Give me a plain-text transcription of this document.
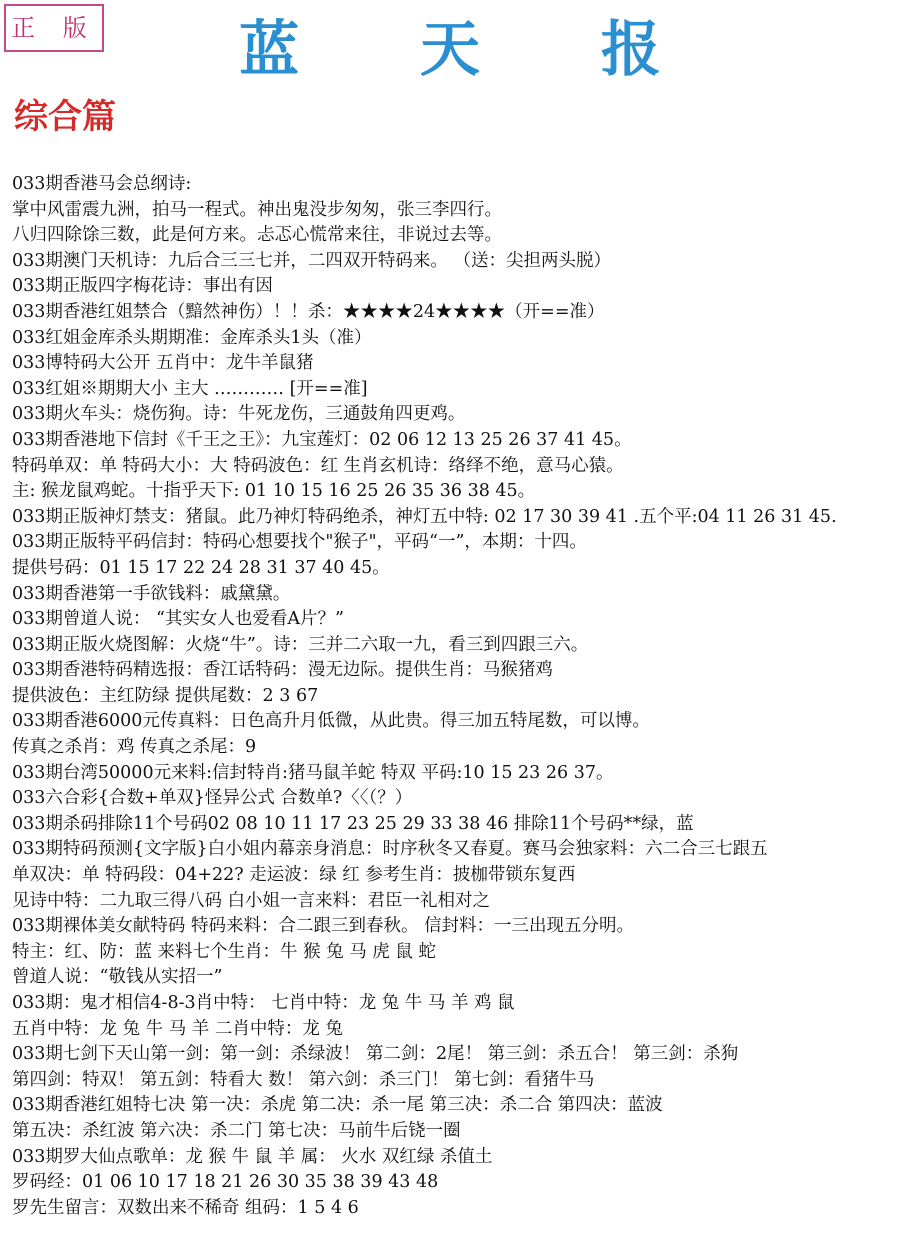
正 版	蓝 天 报
综合篇
033期香港马会总纲诗:
掌中风雷震九洲，拍马一程式。神出鬼没步匆匆，张三李四行。
八归四除馀三数，此是何方来。忐忑心慌常来往，非说过去等。
033期澳门天机诗：九后合三三七并，二四双开特码来。 （送：尖担两头脱）
033期正版四字梅花诗：事出有因
033期香港红姐禁合（黯然神伤）！！杀：★★★★24★★★★（开==准）
033红姐金库杀头期期准：金库杀头1头（准）
033博特码大公开 五肖中：龙牛羊鼠猪
033红姐※期期大小 主大 ………… [开==准]
033期火车头：烧伤狗。诗：牛死龙伤，三通鼓角四更鸡。
033期香港地下信封《千王之王》：九宝莲灯：02 06 12 13 25 26 37 41 45。
特码单双：单 特码大小：大 特码波色：红 生肖玄机诗：络绎不绝，意马心猿。
主: 猴龙鼠鸡蛇。十指乎天下: 01 10 15 16 25 26 35 36 38 45。
033期正版神灯禁支：猪鼠。此乃神灯特码绝杀，神灯五中特: 02 17 30 39 41 .五个平:04 11 26 31 45.
033期正版特平码信封：特码心想要找个"猴子"，平码“一”，本期：十四。
提供号码：01 15 17 22 24 28 31 37 40 45。
033期香港第一手欲钱料：戚黛黛。
033期曾道人说： “其实女人也爱看A片？”
033期正版火烧图解：火烧“牛”。诗：三并二六取一九，看三到四跟三六。
033期香港特码精选报：香江话特码：漫无边际。提供生肖：马猴猪鸡
提供波色：主红防绿 提供尾数：2 3 67
033期香港6000元传真料：日色高升月低微，从此贵。得三加五特尾数，可以博。
传真之杀肖：鸡 传真之杀尾：9
033期台湾50000元来料:信封特肖:猪马鼠羊蛇 特双 平码:10 15 23 26 37。
033六合彩{合数+单双}怪异公式 合数单?〈〈（？）
033期杀码排除11个号码02 08 10 11 17 23 25 29 33 38 46 排除11个号码**绿，蓝
033期特码预测{文字版}白小姐内幕亲身消息：时序秋冬又春夏。赛马会独家料：六二合三七跟五
单双决：单 特码段：04+22? 走运波：绿 红 参考生肖：披枷带锁东复西
见诗中特：二九取三得八码 白小姐一言来料：君臣一礼相对之
033期裸体美女献特码 特码来料：合二跟三到春秋。 信封料：一三出现五分明。
特主：红、防：蓝 来料七个生肖：牛 猴 兔 马 虎 鼠 蛇
曾道人说：“敬钱从实招一”
033期：鬼才相信4-8-3肖中特： 七肖中特：龙 兔 牛 马 羊 鸡 鼠
五肖中特：龙 兔 牛 马 羊 二肖中特：龙 兔
033期七剑下天山第一剑：第一剑：杀绿波！ 第二剑：2尾！ 第三剑：杀五合！ 第三剑：杀狗
第四剑：特双！ 第五剑：特看大 数！ 第六剑：杀三门！ 第七剑：看猪牛马
033期香港红姐特七决 第一决：杀虎 第二决：杀一尾 第三决：杀二合 第四决：蓝波
第五决：杀红波 第六决：杀二门 第七决：马前牛后铙一圈
033期罗大仙点歌单：龙 猴 牛 鼠 羊 属： 火水 双红绿 杀值土
罗码经：01 06 10 17 18 21 26 30 35 38 39 43 48
罗先生留言：双数出来不稀奇 组码：1 5 4 6
